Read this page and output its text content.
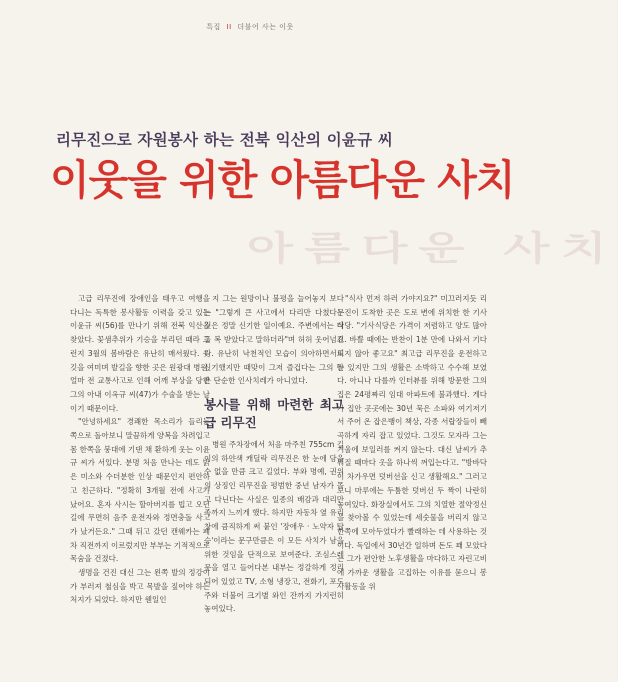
특집 II 더불어 사는 이웃
리무진으로 자원봉사 하는 전북 익산의 이윤규 씨
이웃을 위한 아름다운 사치
아름다운 사치

고급 리무진에 장애인을 태우고 여행을 다니는 독특한 봉사활동 이력을 갖고 있는 이윤규 씨(56)를 만나기 위해 전북 익산을 찾았다. 꽃샘추위가 기승을 부리던 때라 그런지 3월의 봄바람은 유난히 매서웠다. 옷깃을 여미며 발길을 향한 곳은 원광대 병원. 얼마 전 교통사고로 인해 어깨 부상을 당한 그의 아내 이옥규 씨(47)가 수술을 받는 날이기 때문이다.

"안녕하세요" 경쾌한 목소리가 들리는 쪽으로 돌아보니 말끔하게 양복을 차려입고 몸 한쪽을 붕대에 기댄 채 환하게 웃는 이윤규 씨가 서있다. 분명 처음 만나는 데도 밝은 미소와 수더분한 인상 때문인지 편안하고 친근하다. "정확히 3개월 전에 사고가 났어요. 혼자 사시는 할아버지를 빕고 오던 길에 무면허 음주 운전자와 정면충돌 사고가 났거든요." 그때 뒤고 갔던 캔웨카는 폐차 직전까지 이르렀지만 부부는 기적적으로 목숨을 건졌다.

생명을 건진 대신 그는 왼쪽 발의 정강이가 부러져 철심을 박고 목발을 짚어야 하는 처지가 되었다. 하지만 웬일인

지 그는 원망이나 불평을 늘어놓지 보다는 "그렇게 큰 사고에서 다리만 다쳤다는 것은 정말 신기한 일이예요. 주변에서는 다들 복 받았다고 말하더라"며 허허 웃어넘긴다. 유난히 낙천적인 모습이 의아하면서도 신기했지만 때맞이 그저 즐겁다는 그의 말은 단순한 인사치레가 아니었다.

봉사를 위해 마련한 최고급 리무진

병원 주차장에서 처음 마주친 755cm 길이의 하얀색 캐딜락 리무진은 한 눈에 담을 수 없을 만큼 크고 길었다. 부와 명예, 권위의 상징인 리무진을 평범한 중년 남자가 몰고 다닌다는 사실은 일종의 배감과 대리만족까지 느끼게 했다. 하지만 자동차 옆 유리창에 큼직하게 써 붙인 '장애우 · 노약자 탑승'이라는 문구만큼은 이 모든 사치가 남을 위한 것임을 단적으로 보여준다. 조심스레 문을 열고 들어다본 내부는 정갈하게 정리되어 있었고 TV, 소형 냉장고, 전화기, 포도주와 더불어 크기별 와인 잔까지 가지런히 놓여있다.

"식사 먼저 하러 가야지요?" 미끄러지듯 리무진이 도착한 곳은 도로 변에 위치한 한 기사식당. "기사식당은 가격이 저렴하고 양도 많아요. 바쁠 때에는 반찬이 1분 만에 나와서 기다리지 않아 좋고요" 최고급 리무진을 운전하고는 있지만 그의 생활은 소박하고 수수해 보였다. 아니나 다를까 인터뷰를 위해 방문한 그의 집은 24평짜리 임대 아파트에 불과했다. 게다가 집안 곳곳에는 30년 묵은 소파와 여기저기서 주어 온 잡은뱅이 책상, 각종 서랍장들이 빼곡하게 자리 잡고 있었다. 그것도 모자라 그는 겨울에 보일러를 켜지 않는다. 대신 날씨가 추워질 때마다 옷을 하나씩 껴입는다고. "방바닥이 차가우면 덧버선을 신고 생활해요." 그러고 보니 마루에는 두툼한 덧버선 두 짝이 나란히 놓여있다. 화장실에서도 그의 치열한 절약정신을 찾아볼 수 있었는데 세숫물을 버리지 않고 한쪽에 모아두었다가 빨래하는 데 사용하는 것이다. 독일에서 30년간 일하며 돈도 꽤 모았다는 그가 편안한 노후생활을 마다하고 자린고비에 가까운 생활을 고집하는 이유를 묻으니 봉사활동을 위
